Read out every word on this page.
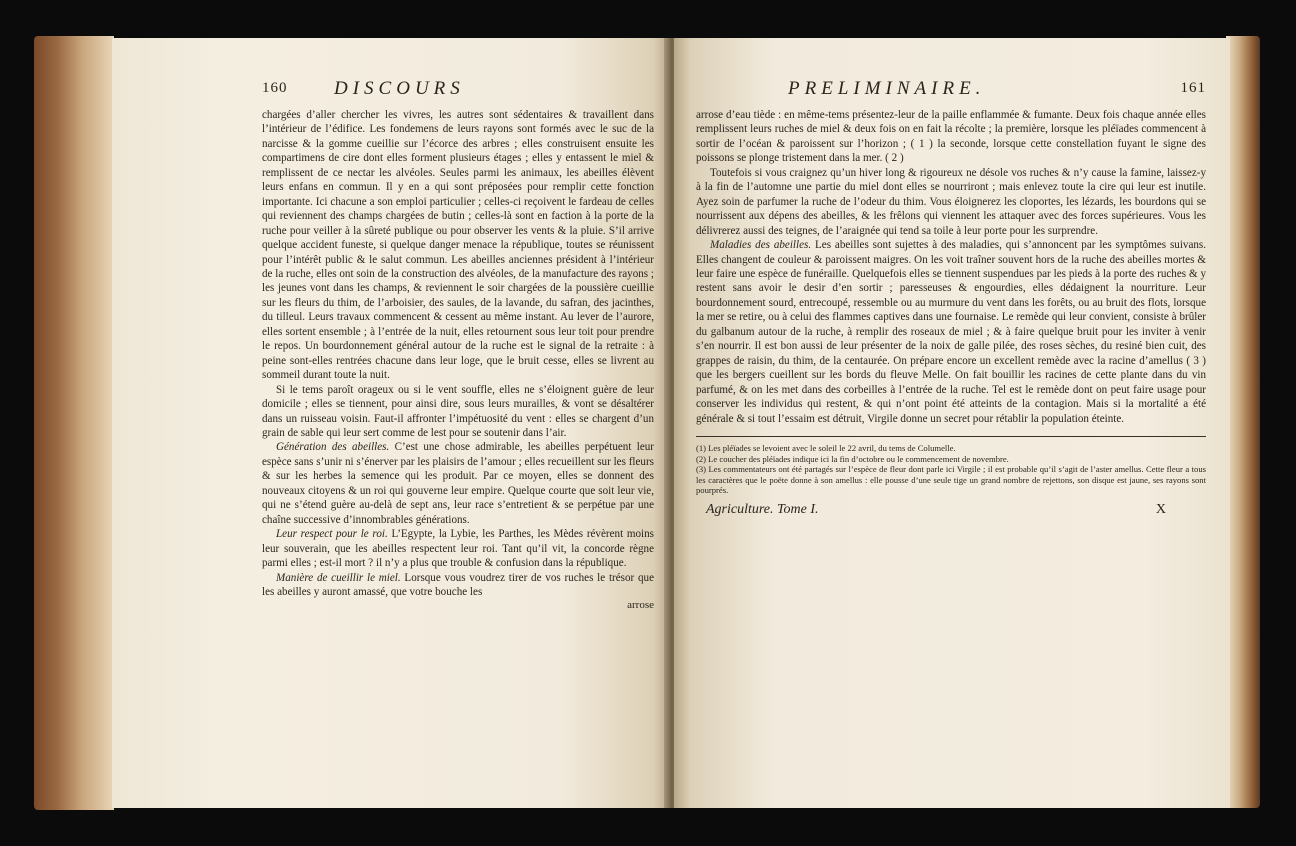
160 DISCOURS

chargées d’aller chercher les vivres, les autres sont sédentaires & travaillent dans l’intérieur de l’édifice. Les fondemens de leurs rayons sont formés avec le suc de la narcisse & la gomme cueillie sur l’écorce des arbres ; elles construisent ensuite les compartimens de cire dont elles forment plusieurs étages ; elles y entassent le miel & remplissent de ce nectar les alvéoles. Seules parmi les animaux, les abeilles élèvent leurs enfans en commun. Il y en a qui sont préposées pour remplir cette fonction importante. Ici chacune a son emploi particulier ; celles-ci reçoivent le fardeau de celles qui reviennent des champs chargées de butin ; celles-là sont en faction à la porte de la ruche pour veiller à la sûreté publique ou pour observer les vents & la pluie. S’il arrive quelque accident funeste, si quelque danger menace la république, toutes se réunissent pour l’intérêt public & le salut commun. Les abeilles anciennes président à l’intérieur de la ruche, elles ont soin de la construction des alvéoles, de la manufacture des rayons ; les jeunes vont dans les champs, & reviennent le soir chargées de la poussière cueillie sur les fleurs du thim, de l’arboisier, des saules, de la lavande, du safran, des jacinthes, du tilleul. Leurs travaux commencent & cessent au même instant. Au lever de l’aurore, elles sortent ensemble ; à l’entrée de la nuit, elles retournent sous leur toit pour prendre le repos. Un bourdonnement général autour de la ruche est le signal de la retraite : à peine sont-elles rentrées chacune dans leur loge, que le bruit cesse, elles se livrent au sommeil durant toute la nuit.

Si le tems paroît orageux ou si le vent souffle, elles ne s’éloignent guère de leur domicile ; elles se tiennent, pour ainsi dire, sous leurs murailles, & vont se désaltérer dans un ruisseau voisin. Faut-il affronter l’impétuosité du vent : elles se chargent d’un grain de sable qui leur sert comme de lest pour se soutenir dans l’air.

Génération des abeilles. C’est une chose admirable, les abeilles perpétuent leur espèce sans s’unir ni s’énerver par les plaisirs de l’amour ; elles recueillent sur les fleurs & sur les herbes la semence qui les produit. Par ce moyen, elles se donnent des nouveaux citoyens & un roi qui gouverne leur empire. Quelque courte que soit leur vie, qui ne s’étend guère au-delà de sept ans, leur race s’entretient & se perpétue par une chaîne successive d’innombrables générations.

Leur respect pour le roi. L’Egypte, la Lybie, les Parthes, les Mèdes révèrent moins leur souverain, que les abeilles respectent leur roi. Tant qu’il vit, la concorde règne parmi elles ; est-il mort ? il n’y a plus que trouble & confusion dans la république.

Manière de cueillir le miel. Lorsque vous voudrez tirer de vos ruches le trésor que les abeilles y auront amassé, que votre bouche les

arrose
PRELIMINAIRE.	161

arrose d’eau tiède : en même-tems présentez-leur de la paille enflammée & fumante. Deux fois chaque année elles remplissent leurs ruches de miel & deux fois on en fait la récolte ; la première, lorsque les pléïades commencent à sortir de l’océan & paroissent sur l’horizon ; ( 1 ) la seconde, lorsque cette constellation fuyant le signe des poissons se plonge tristement dans la mer. ( 2 )

Toutefois si vous craignez qu’un hiver long & rigoureux ne désole vos ruches & n’y cause la famine, laissez-y à la fin de l’automne une partie du miel dont elles se nourriront ; mais enlevez toute la cire qui leur est inutile. Ayez soin de parfumer la ruche de l’odeur du thim. Vous éloignerez les cloportes, les lézards, les bourdons qui se nourrissent aux dépens des abeilles, & les frêlons qui viennent les attaquer avec des forces supérieures. Vous les délivrerez aussi des teignes, de l’araignée qui tend sa toile à leur porte pour les surprendre.

Maladies des abeilles. Les abeilles sont sujettes à des maladies, qui s’annoncent par les symptômes suivans. Elles changent de couleur & paroissent maigres. On les voit traîner souvent hors de la ruche des abeilles mortes & leur faire une espèce de funéraille. Quelquefois elles se tiennent suspendues par les pieds à la porte des ruches & y restent sans avoir le desir d’en sortir ; paresseuses & engourdies, elles dédaignent la nourriture. Leur bourdonnement sourd, entrecoupé, ressemble ou au murmure du vent dans les forêts, ou au bruit des flots, lorsque la mer se retire, ou à celui des flammes captives dans une fournaise. Le remède qui leur convient, consiste à brûler du galbanum autour de la ruche, à remplir des roseaux de miel ; & à faire quelque bruit pour les inviter à venir s’en nourrir. Il est bon aussi de leur présenter de la noix de galle pilée, des roses sèches, du resiné bien cuit, des grappes de raisin, du thim, de la centaurée. On prépare encore un excellent remède avec la racine d’amellus ( 3 ) que les bergers cueillent sur les bords du fleuve Melle. On fait bouillir les racines de cette plante dans du vin parfumé, & on les met dans des corbeilles à l’entrée de la ruche. Tel est le remède dont on peut faire usage pour conserver les individus qui restent, & qui n’ont point été atteints de la contagion. Mais si la mortalité a été générale & si tout l’essaim est détruit, Virgile donne un secret pour rétablir la population éteinte.

(1) Les pléïades se levoient avec le soleil le 22 avril, du tems de Columelle.

(2) Le coucher des pléïades indique ici la fin d’octobre ou le commencement de novembre.

(3) Les commentateurs ont été partagés sur l’espèce de fleur dont parle ici Virgile ; il est probable qu’il s’agit de l’aster amellus. Cette fleur a tous les caractères que le poëte donne à son amellus : elle pousse d’une seule tige un grand nombre de rejettons, son disque est jaune, ses rayons sont pourprés.

Agriculture. Tome I.	X
